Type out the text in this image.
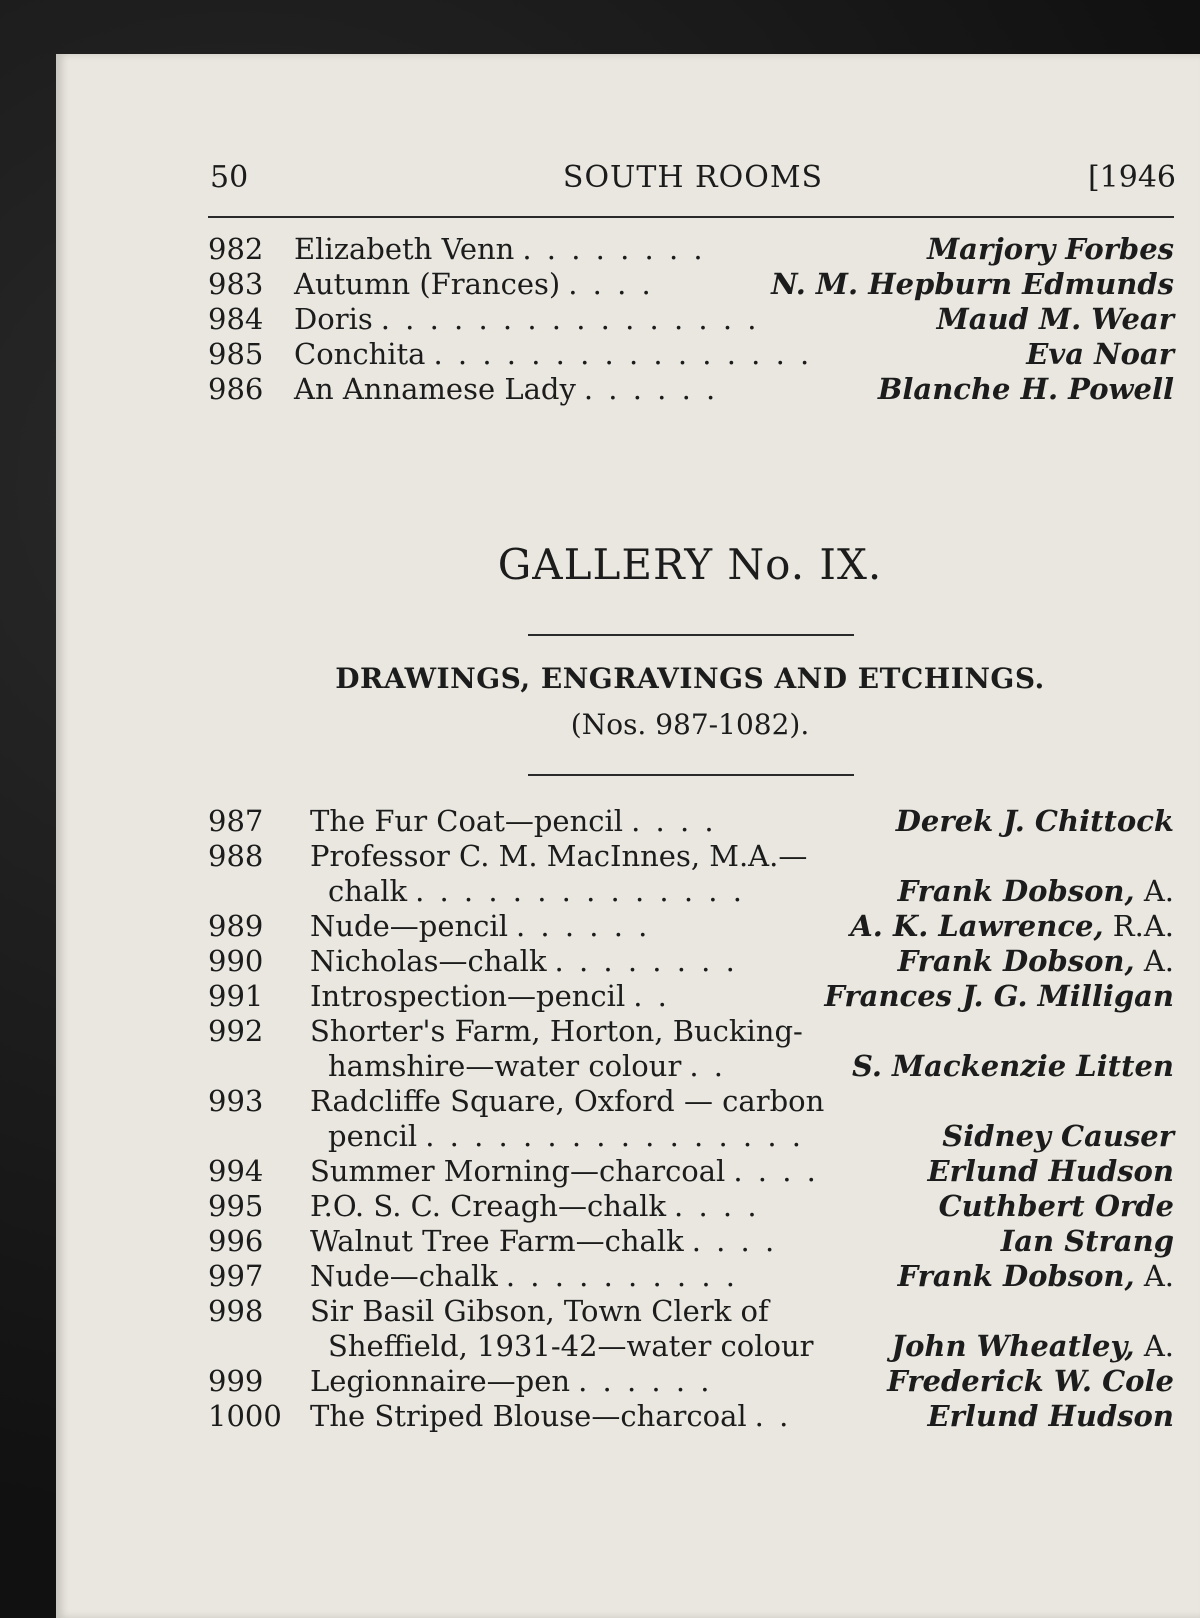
50	SOUTH ROOMS	[1946
982 Elizabeth Venn . . . . . . . .	Marjory Forbes
983 Autumn (Frances) . . . .	N. M. Hepburn Edmunds
984 Doris . . . . . . . . . . . . . . . .	Maud M. Wear
985 Conchita . . . . . . . . . . . . . . . .	Eva Noar
986 An Annamese Lady . . . . . .	Blanche H. Powell
GALLERY No. IX.
DRAWINGS, ENGRAVINGS AND ETCHINGS.
(Nos. 987-1082).
987 The Fur Coat—pencil . . . .	Derek J. Chittock
988 Professor C. M. MacInnes, M.A.—
chalk . . . . . . . . . . . . . .	Frank Dobson, A.
989 Nude—pencil . . . . . .	A. K. Lawrence, R.A.
990 Nicholas—chalk . . . . . . . .	Frank Dobson, A.
991 Introspection—pencil . .	Frances J. G. Milligan
992 Shorter's Farm, Horton, Bucking-
hamshire—water colour . .	S. Mackenzie Litten
993 Radcliffe Square, Oxford — carbon
pencil . . . . . . . . . . . . . . . .	Sidney Causer
994 Summer Morning—charcoal . . . .	Erlund Hudson
995 P.O. S. C. Creagh—chalk . . . .	Cuthbert Orde
996 Walnut Tree Farm—chalk . . . .	Ian Strang
997 Nude—chalk . . . . . . . . . .	Frank Dobson, A.
998 Sir Basil Gibson, Town Clerk of
Sheffield, 1931-42—water colour	John Wheatley, A.
999 Legionnaire—pen . . . . . .	Frederick W. Cole
1000 The Striped Blouse—charcoal . .	Erlund Hudson
